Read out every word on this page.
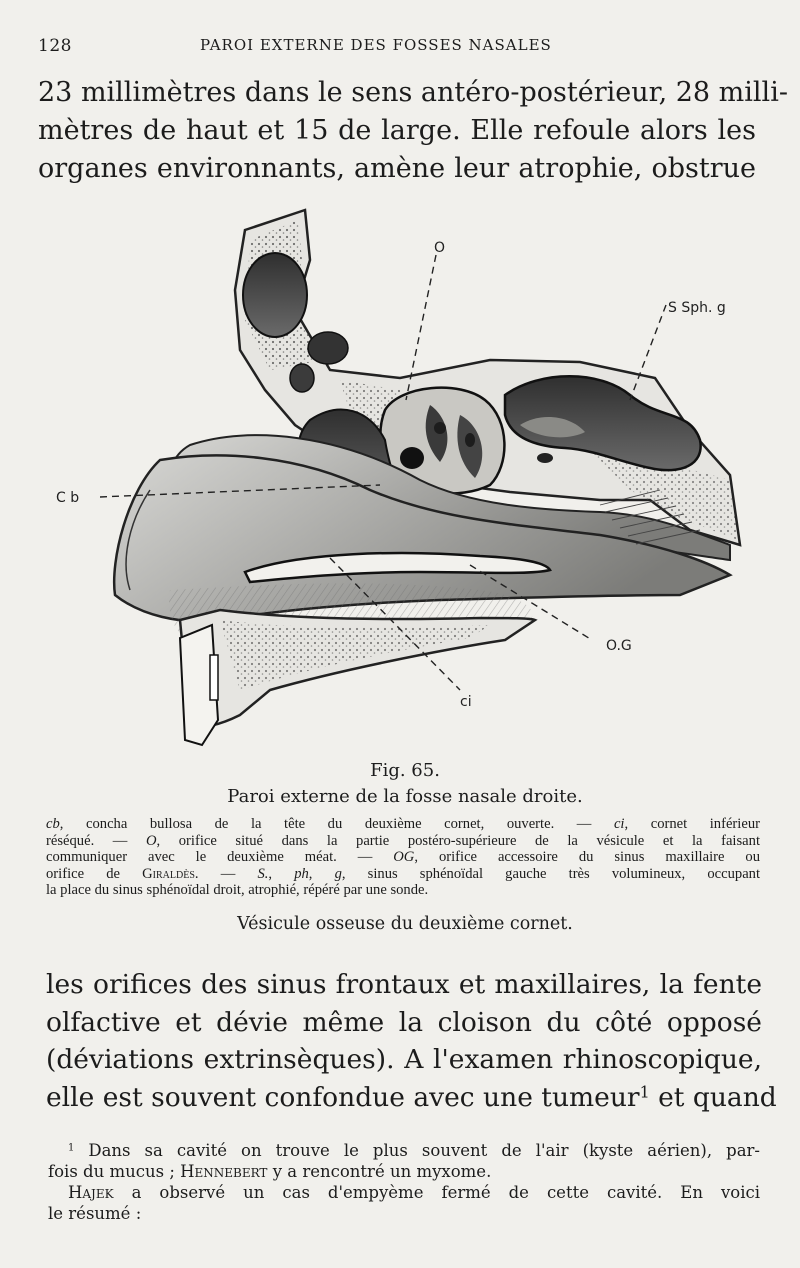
128	PAROI EXTERNE DES FOSSES NASALES
23 millimètres dans le sens antéro-postérieur, 28 milli-
mètres de haut et 15 de large. Elle refoule alors les
organes environnants, amène leur atrophie, obstrue
O
S Sph. g
C b
O.G
ci
Fig. 65.
Paroi externe de la fosse nasale droite.
cb, concha bullosa de la tête du deuxième cornet, ouverte. — ci, cornet inférieur
réséqué. — O, orifice situé dans la partie postéro-supérieure de la vésicule et la faisant
communiquer avec le deuxième méat. — OG, orifice accessoire du sinus maxillaire ou
orifice de Giraldès. — S., ph, g, sinus sphénoïdal gauche très volumineux, occupant
la place du sinus sphénoïdal droit, atrophié, répéré par une sonde.
Vésicule osseuse du deuxième cornet.
les orifices des sinus frontaux et maxillaires, la fente
olfactive et dévie même la cloison du côté opposé
(déviations extrinsèques). A l'examen rhinoscopique,
elle est souvent confondue avec une tumeur$^1$ et quand
$^1$ Dans sa cavité on trouve le plus souvent de l'air (kyste aérien), par-
fois du mucus ; Hennebert y a rencontré un myxome.
Hajek a observé un cas d'empyème fermé de cette cavité. En voici
le résumé :
